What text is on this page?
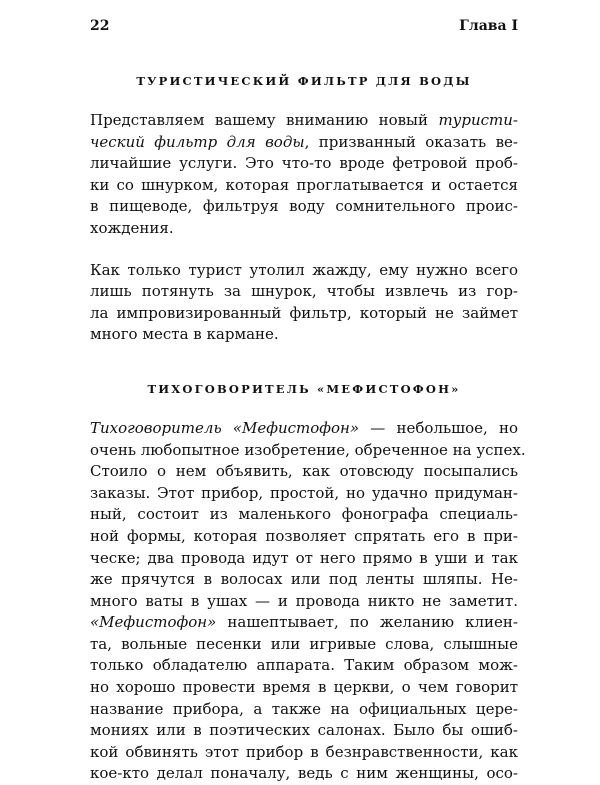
22	Глава I
ТУРИСТИЧЕСКИЙ ФИЛЬТР ДЛЯ ВОДЫ
Представляем вашему вниманию новый туристи-
ческий фильтр для воды, призванный оказать ве-
личайшие услуги. Это что-то вроде фетровой проб-
ки со шнурком, которая проглатывается и остается
в пищеводе, фильтруя воду сомнительного проис-
хождения.
Как только турист утолил жажду, ему нужно всего
лишь потянуть за шнурок, чтобы извлечь из гор-
ла импровизированный фильтр, который не займет
много места в кармане.
ТИХОГОВОРИТЕЛЬ «МЕФИСТОФОН»
Тихоговоритель «Мефистофон» — небольшое, но
очень любопытное изобретение, обреченное на успех.
Стоило о нем объявить, как отовсюду посыпались
заказы. Этот прибор, простой, но удачно придуман-
ный, состоит из маленького фонографа специаль-
ной формы, которая позволяет спрятать его в при-
ческе; два провода идут от него прямо в уши и так
же прячутся в волосах или под ленты шляпы. Не-
много ваты в ушах — и провода никто не заметит.
«Мефистофон» нашептывает, по желанию клиен-
та, вольные песенки или игривые слова, слышные
только обладателю аппарата. Таким образом мож-
но хорошо провести время в церкви, о чем говорит
название прибора, а также на официальных цере-
мониях или в поэтических салонах. Было бы ошиб-
кой обвинять этот прибор в безнравственности, как
кое-кто делал поначалу, ведь с ним женщины, осо-
